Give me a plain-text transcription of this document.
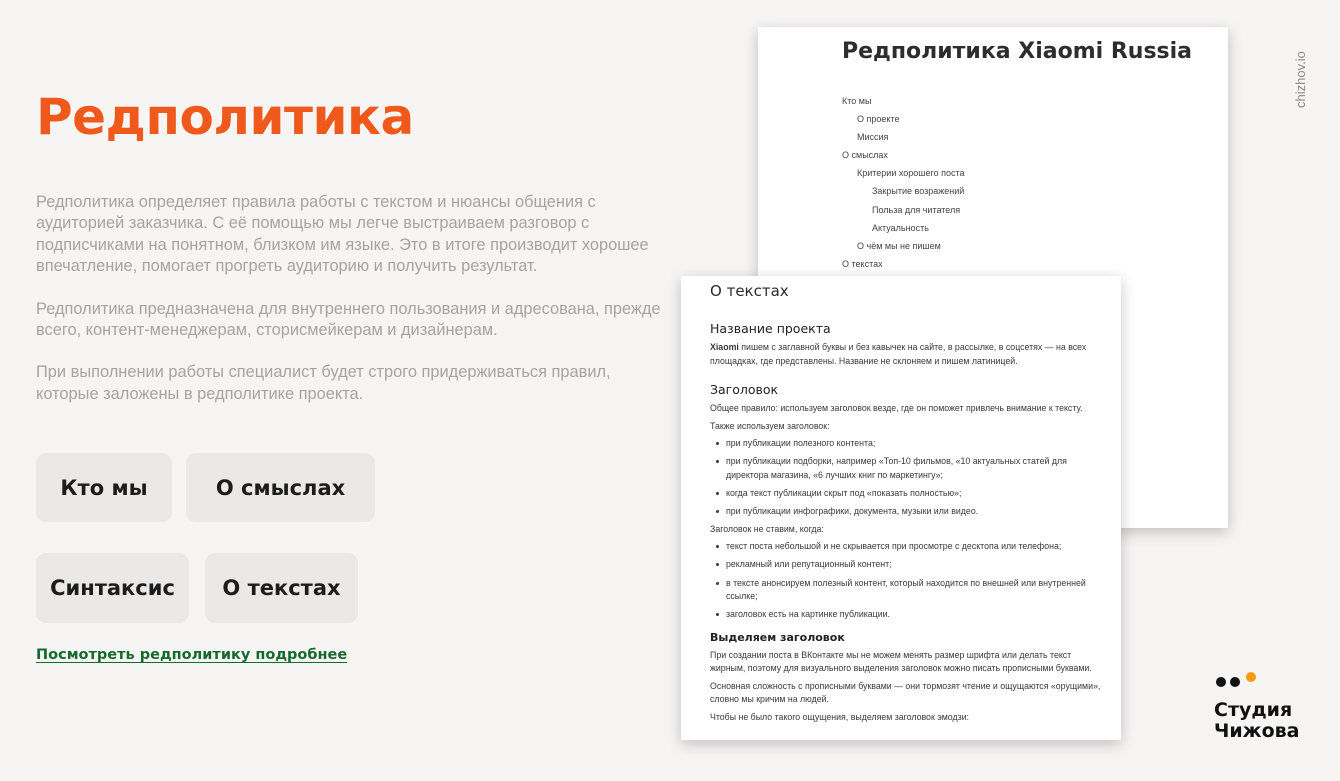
Редполитика

Редполитика определяет правила работы с текстом и нюансы общения с аудиторией заказчика. С её помощью мы легче выстраиваем разговор с подписчиками на понятном, близком им языке. Это в итоге производит хорошее впечатление, помогает прогреть аудиторию и получить результат.

Редполитика предназначена для внутреннего пользования и адресована, прежде всего, контент-менеджерам, сторисмейкерам и дизайнерам.

При выполнении работы специалист будет строго придерживаться правил, которые заложены в редполитике проекта.

Кто мы	О смыслах
Синтаксис	О текстах
Посмотреть редполитику подробнее
chizhov.io
Редполитика Xiaomi Russia
Кто мы
О проекте
Миссия
О смыслах
Критерии хорошего поста
Закрытие возражений
Польза для читателя
Актуальность
О чём мы не пишем
О текстах
О текстах
Название проекта

Xiaomi пишем с заглавной буквы и без кавычек на сайте, в рассылке, в соцсетях — на всех площадках, где представлены. Название не склоняем и пишем латиницей.

Заголовок

Общее правило: используем заголовок везде, где он поможет привлечь внимание к тексту.

Также используем заголовок:

при публикации полезного контента;
при публикации подборки, например «Топ-10 фильмов, «10 актуальных статей для директора магазина, «6 лучших книг по маркетингу»;
когда текст публикации скрыт под «показать полностью»;
при публикации инфографики, документа, музыки или видео.

Заголовок не ставим, когда:

текст поста небольшой и не скрывается при просмотре с десктопа или телефона;
рекламный или репутационный контент;
в тексте анонсируем полезный контент, который находится по внешней или внутренней ссылке;
заголовок есть на картинке публикации.
Выделяем заголовок

При создании поста в ВКонтакте мы не можем менять размер шрифта или делать текст жирным, поэтому для визуального выделения заголовок можно писать прописными буквами.

Основная сложность с прописными буквами — они тормозят чтение и ощущаются «орущими», словно мы кричим на людей.

Чтобы не было такого ощущения, выделяем заголовок эмодзи:	Студия
Чижова
